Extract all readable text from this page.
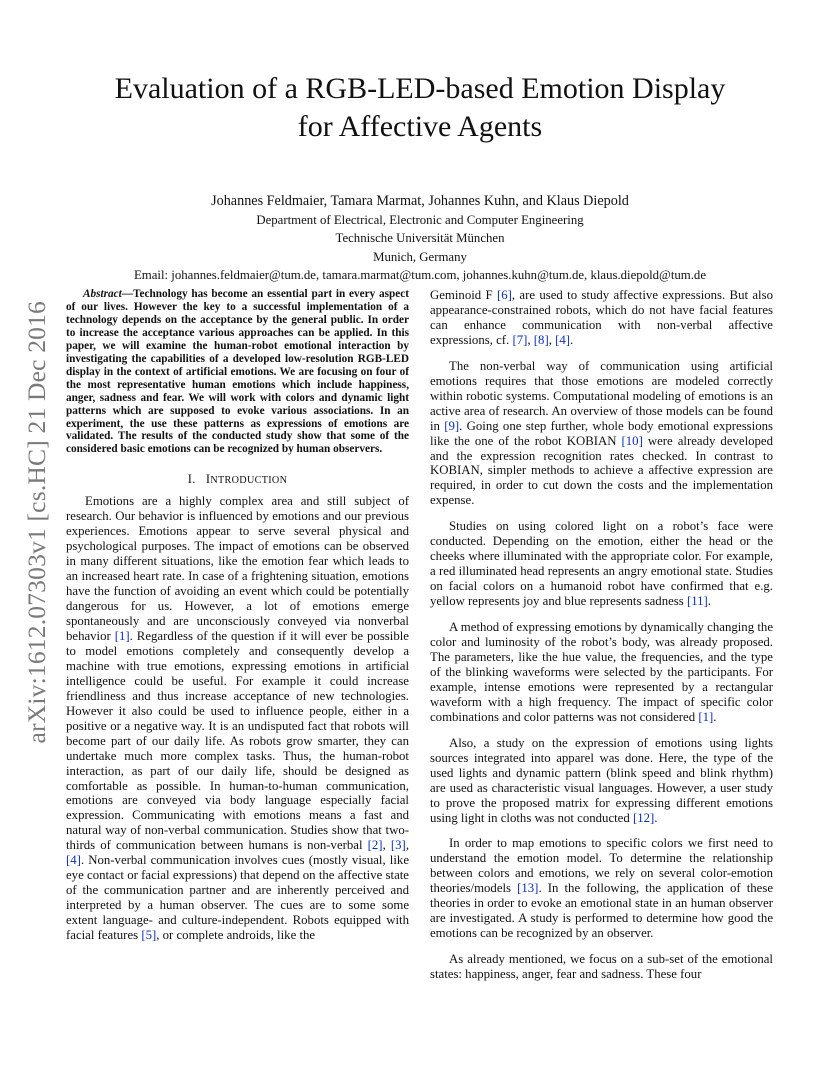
arXiv:1612.07303v1 [cs.HC] 21 Dec 2016
Evaluation of a RGB-LED-based Emotion Display
for Affective Agents
Johannes Feldmaier, Tamara Marmat, Johannes Kuhn, and Klaus Diepold
Department of Electrical, Electronic and Computer Engineering
Technische Universität München
Munich, Germany
Email: johannes.feldmaier@tum.de, tamara.marmat@tum.com, johannes.kuhn@tum.de, klaus.diepold@tum.de

Abstract—Technology has become an essential part in every aspect of our lives. However the key to a successful implementation of a technology depends on the acceptance by the general public. In order to increase the acceptance various approaches can be applied. In this paper, we will examine the human-robot emotional interaction by investigating the capabilities of a developed low-resolution RGB-LED display in the context of artificial emotions. We are focusing on four of the most representative human emotions which include happiness, anger, sadness and fear. We will work with colors and dynamic light patterns which are supposed to evoke various associations. In an experiment, the use these patterns as expressions of emotions are validated. The results of the conducted study show that some of the considered basic emotions can be recognized by human observers.

I. INTRODUCTION

Emotions are a highly complex area and still subject of research. Our behavior is influenced by emotions and our previous experiences. Emotions appear to serve several physical and psychological purposes. The impact of emotions can be observed in many different situations, like the emotion fear which leads to an increased heart rate. In case of a frightening situation, emotions have the function of avoiding an event which could be potentially dangerous for us. However, a lot of emotions emerge spontaneously and are unconsciously conveyed via nonverbal behavior [1]. Regardless of the question if it will ever be possible to model emotions completely and consequently develop a machine with true emotions, expressing emotions in artificial intelligence could be useful. For example it could increase friendliness and thus increase acceptance of new technologies. However it also could be used to influence people, either in a positive or a negative way. It is an undisputed fact that robots will become part of our daily life. As robots grow smarter, they can undertake much more complex tasks. Thus, the human-robot interaction, as part of our daily life, should be designed as comfortable as possible. In human-to-human communication, emotions are conveyed via body language especially facial expression. Communicating with emotions means a fast and natural way of non-verbal communication. Studies show that two-thirds of communication between humans is non-verbal [2], [3], [4]. Non-verbal communication involves cues (mostly visual, like eye contact or facial expressions) that depend on the affective state of the communication partner and are inherently perceived and interpreted by a human observer. The cues are to some some extent language- and culture-independent. Robots equipped with facial features [5], or complete androids, like the

Geminoid F [6], are used to study affective expressions. But also appearance-constrained robots, which do not have facial features can enhance communication with non-verbal affective expressions, cf. [7], [8], [4].

The non-verbal way of communication using artificial emotions requires that those emotions are modeled correctly within robotic systems. Computational modeling of emotions is an active area of research. An overview of those models can be found in [9]. Going one step further, whole body emotional expressions like the one of the robot KOBIAN [10] were already developed and the expression recognition rates checked. In contrast to KOBIAN, simpler methods to achieve a affective expression are required, in order to cut down the costs and the implementation expense.

Studies on using colored light on a robot’s face were conducted. Depending on the emotion, either the head or the cheeks where illuminated with the appropriate color. For example, a red illuminated head represents an angry emotional state. Studies on facial colors on a humanoid robot have confirmed that e.g. yellow represents joy and blue represents sadness [11].

A method of expressing emotions by dynamically changing the color and luminosity of the robot’s body, was already proposed. The parameters, like the hue value, the frequencies, and the type of the blinking waveforms were selected by the participants. For example, intense emotions were represented by a rectangular waveform with a high frequency. The impact of specific color combinations and color patterns was not considered [1].

Also, a study on the expression of emotions using lights sources integrated into apparel was done. Here, the type of the used lights and dynamic pattern (blink speed and blink rhythm) are used as characteristic visual languages. However, a user study to prove the proposed matrix for expressing different emotions using light in cloths was not conducted [12].

In order to map emotions to specific colors we first need to understand the emotion model. To determine the relationship between colors and emotions, we rely on several color-emotion theories/models [13]. In the following, the application of these theories in order to evoke an emotional state in an human observer are investigated. A study is performed to determine how good the emotions can be recognized by an observer.

As already mentioned, we focus on a sub-set of the emotional states: happiness, anger, fear and sadness. These four
